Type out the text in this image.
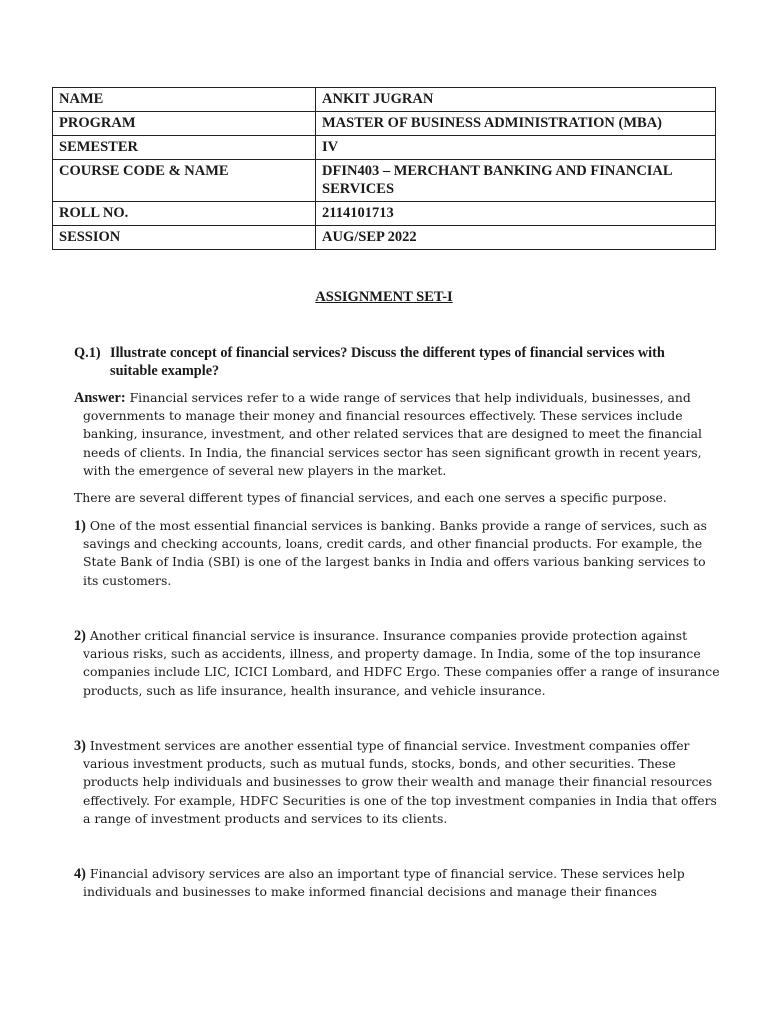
NAME	ANKIT JUGRAN
PROGRAM	MASTER OF BUSINESS ADMINISTRATION (MBA)
SEMESTER	IV
COURSE CODE & NAME	DFIN403 – MERCHANT BANKING AND FINANCIAL SERVICES
ROLL NO.	2114101713
SESSION	AUG/SEP 2022
ASSIGNMENT SET-I
Q.1) Illustrate concept of financial services? Discuss the different types of financial services with suitable example?
Answer: Financial services refer to a wide range of services that help individuals, businesses, and governments to manage their money and financial resources effectively. These services include banking, insurance, investment, and other related services that are designed to meet the financial needs of clients. In India, the financial services sector has seen significant growth in recent years, with the emergence of several new players in the market.
There are several different types of financial services, and each one serves a specific purpose.
1) One of the most essential financial services is banking. Banks provide a range of services, such as savings and checking accounts, loans, credit cards, and other financial products. For example, the State Bank of India (SBI) is one of the largest banks in India and offers various banking services to its customers.
2) Another critical financial service is insurance. Insurance companies provide protection against various risks, such as accidents, illness, and property damage. In India, some of the top insurance companies include LIC, ICICI Lombard, and HDFC Ergo. These companies offer a range of insurance products, such as life insurance, health insurance, and vehicle insurance.
3) Investment services are another essential type of financial service. Investment companies offer various investment products, such as mutual funds, stocks, bonds, and other securities. These products help individuals and businesses to grow their wealth and manage their financial resources effectively. For example, HDFC Securities is one of the top investment companies in India that offers a range of investment products and services to its clients.
4) Financial advisory services are also an important type of financial service. These services help individuals and businesses to make informed financial decisions and manage their finances
